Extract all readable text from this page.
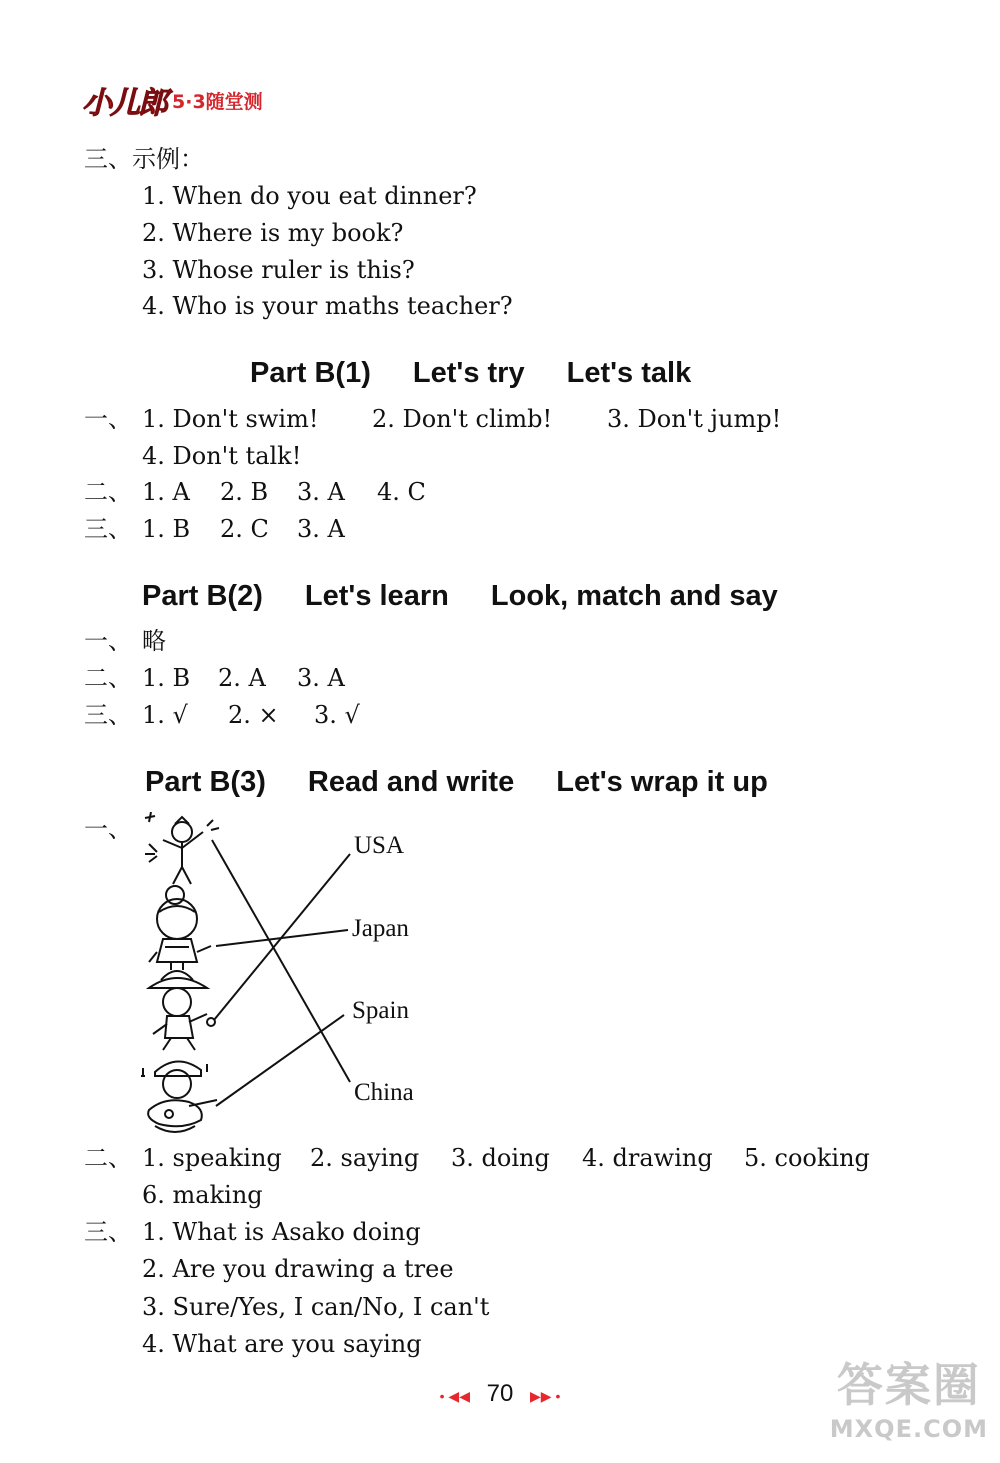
小儿郎 5·3随堂测
三、示例：
1. When do you eat dinner?
2. Where is my book?
3. Whose ruler is this?
4. Who is your maths teacher?
Part B(1) Let's try Let's talk
一、 1. Don't swim! 2. Don't climb! 3. Don't jump!
4. Don't talk!
二、 1. A 2. B 3. A 4. C
三、 1. B 2. C 3. A
Part B(2) Let's learn Look, match and say
一、 略
二、 1. B 2. A 3. A
三、 1. √ 2. × 3. √
Part B(3) Read and write Let's wrap it up
一、
USA
Japan
Spain
China
二、 1. speaking 2. saying 3. doing 4. drawing 5. cooking
6. making
三、 1. What is Asako doing
2. Are you drawing a tree
3. Sure/Yes, I can/No, I can't
4. What are you saying
• ◀◀ 70 ▶▶ •	答案圈
MXQE.COM
